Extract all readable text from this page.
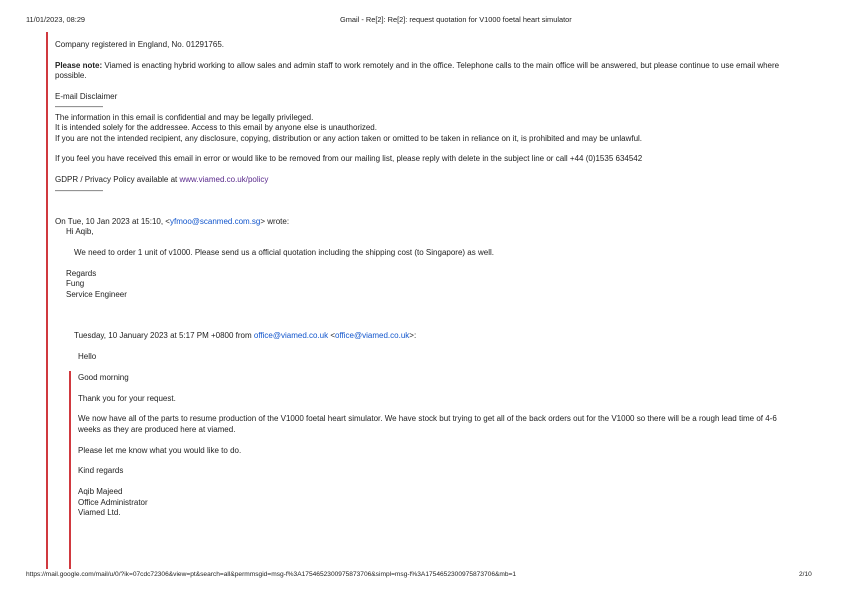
11/01/2023, 08:29	Gmail - Re[2]: Re[2]: request quotation for V1000 foetal heart simulator

Company registered in England, No. 01291765.

Please note: Viamed is enacting hybrid working to allow sales and admin staff to work remotely and in the office. Telephone calls to the main office will be answered, but please continue to use email where possible.

E-mail Disclaimer

——————

The information in this email is confidential and may be legally privileged.

It is intended solely for the addressee. Access to this email by anyone else is unauthorized.

If you are not the intended recipient, any disclosure, copying, distribution or any action taken or omitted to be taken in reliance on it, is prohibited and may be unlawful.

If you feel you have received this email in error or would like to be removed from our mailing list, please reply with delete in the subject line or call +44 (0)1535 634542

GDPR / Privacy Policy available at www.viamed.co.uk/policy

——————

On Tue, 10 Jan 2023 at 15:10, <yfmoo@scanmed.com.sg> wrote:

Hi Aqib,

We need to order 1 unit of v1000. Please send us a official quotation including the shipping cost (to Singapore) as well.

Regards

Fung

Service Engineer

Tuesday, 10 January 2023 at 5:17 PM +0800 from office@viamed.co.uk <office@viamed.co.uk>:

Hello

Good morning

Thank you for your request.

We now have all of the parts to resume production of the V1000 foetal heart simulator. We have stock but trying to get all of the back orders out for the V1000 so there will be a rough lead time of 4-6 weeks as they are produced here at viamed.

Please let me know what you would like to do.

Kind regards

Aqib Majeed

Office Administrator

Viamed Ltd.

https://mail.google.com/mail/u/0/?ik=07cdc72306&view=pt&search=all&permmsgid=msg-f%3A1754652300975873706&simpl=msg-f%3A1754652300975873706&mb=1	2/10
